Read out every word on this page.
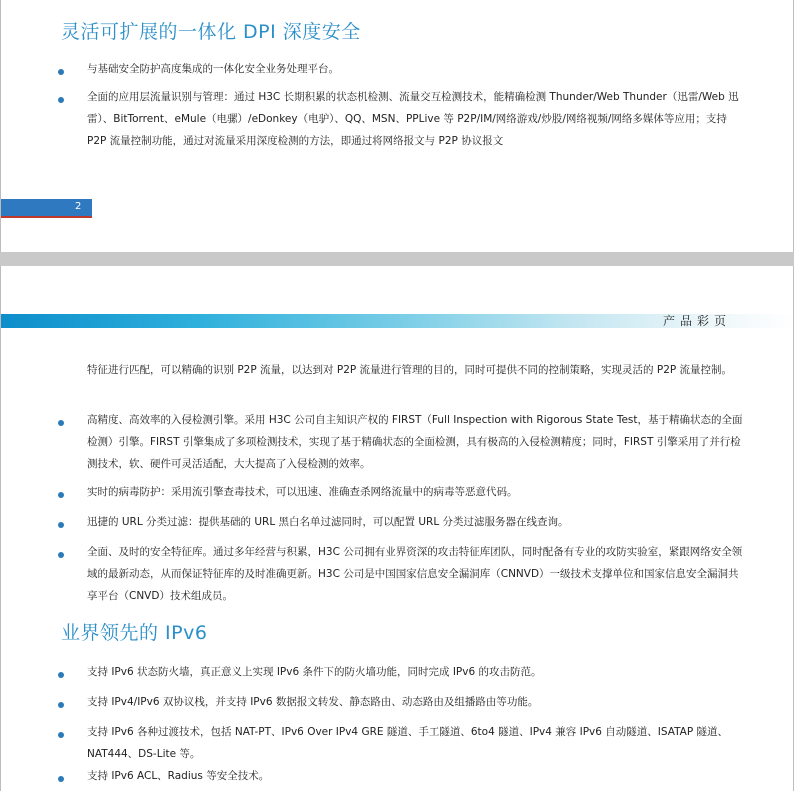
灵活可扩展的一体化 DPI 深度安全

与基础安全防护高度集成的一体化安全业务处理平台。

全面的应用层流量识别与管理：通过 H3C 长期积累的状态机检测、流量交互检测技术，能精确检测 Thunder/Web Thunder（迅雷/Web 迅雷）、BitTorrent、eMule（电骡）/eDonkey（电驴）、QQ、MSN、PPLive 等 P2P/IM/网络游戏/炒股/网络视频/网络多媒体等应用；支持 P2P 流量控制功能，通过对流量采用深度检测的方法，即通过将网络报文与 P2P 协议报文

2
产品彩页

特征进行匹配，可以精确的识别 P2P 流量，以达到对 P2P 流量进行管理的目的，同时可提供不同的控制策略，实现灵活的 P2P 流量控制。

高精度、高效率的入侵检测引擎。采用 H3C 公司自主知识产权的 FIRST（Full Inspection with Rigorous State Test，基于精确状态的全面检测）引擎。FIRST 引擎集成了多项检测技术，实现了基于精确状态的全面检测，具有极高的入侵检测精度；同时，FIRST 引擎采用了并行检测技术，软、硬件可灵活适配，大大提高了入侵检测的效率。

实时的病毒防护：采用流引擎查毒技术，可以迅速、准确查杀网络流量中的病毒等恶意代码。

迅捷的 URL 分类过滤：提供基础的 URL 黑白名单过滤同时，可以配置 URL 分类过滤服务器在线查询。

全面、及时的安全特征库。通过多年经营与积累，H3C 公司拥有业界资深的攻击特征库团队，同时配备有专业的攻防实验室，紧跟网络安全领域的最新动态，从而保证特征库的及时准确更新。H3C 公司是中国国家信息安全漏洞库（CNNVD）一级技术支撑单位和国家信息安全漏洞共享平台（CNVD）技术组成员。

业界领先的 IPv6

支持 IPv6 状态防火墙，真正意义上实现 IPv6 条件下的防火墙功能，同时完成 IPv6 的攻击防范。

支持 IPv4/IPv6 双协议栈，并支持 IPv6 数据报文转发、静态路由、动态路由及组播路由等功能。

支持 IPv6 各种过渡技术，包括 NAT-PT、IPv6 Over IPv4 GRE 隧道、手工隧道、6to4 隧道、IPv4 兼容 IPv6 自动隧道、ISATAP 隧道、NAT444、DS-Lite 等。

支持 IPv6 ACL、Radius 等安全技术。
